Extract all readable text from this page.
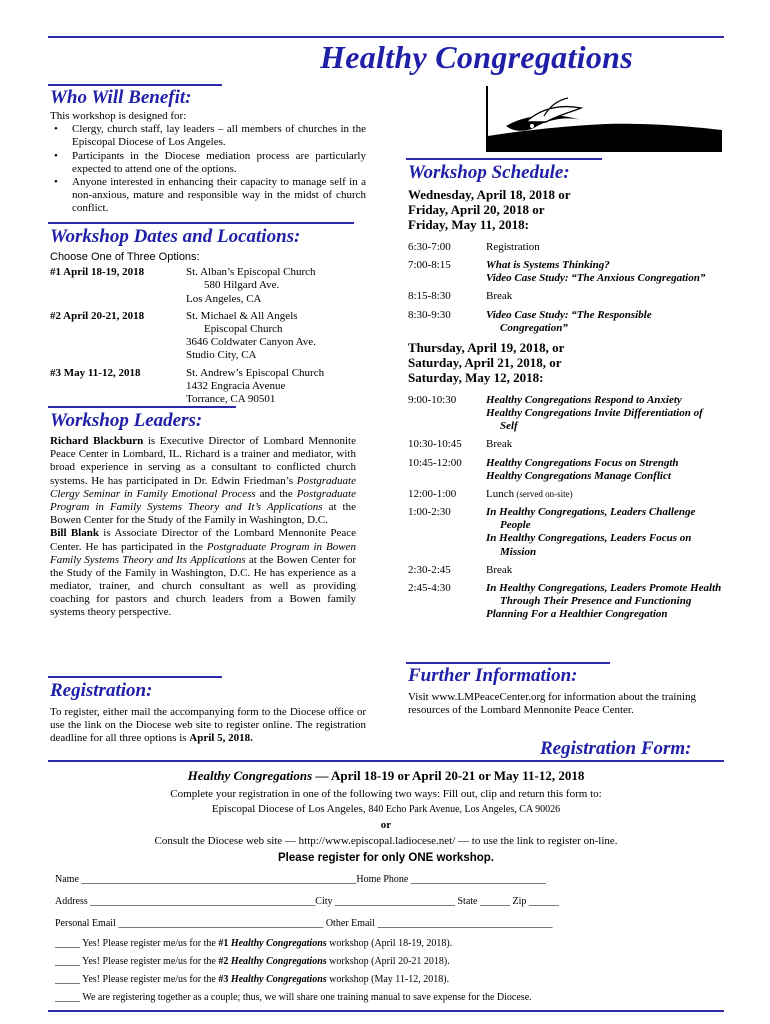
Healthy Congregations
Who Will Benefit:
This workshop is designed for:
• Clergy, church staff, lay leaders – all members of churches in the Episcopal Diocese of Los Angeles.
• Participants in the Diocese mediation process are particularly expected to attend one of the options.
• Anyone interested in enhancing their capacity to manage self in a non-anxious, mature and responsible way in the midst of church conflict.
Workshop Dates and Locations:
Choose One of Three Options:
#1 April 18-19, 2018	St. Alban’s Episcopal Church
580 Hilgard Ave.
Los Angeles, CA
#2 April 20-21, 2018	St. Michael & All Angels
Episcopal Church
3646 Coldwater Canyon Ave.
Studio City, CA
#3 May 11-12, 2018	St. Andrew’s Episcopal Church
1432 Engracia Avenue
Torrance, CA 90501
Workshop Leaders:

Richard Blackburn is Executive Director of Lombard Mennonite Peace Center in Lombard, IL. Richard is a trainer and mediator, with broad experience in serving as a consultant to conflicted church systems. He has participated in Dr. Edwin Friedman’s Postgraduate Clergy Seminar in Family Emotional Process and the Postgraduate Program in Family Systems Theory and It’s Applications at the Bowen Center for the Study of the Family in Washington, D.C.

Bill Blank is Associate Director of the Lombard Mennonite Peace Center. He has participated in the Postgraduate Program in Bowen Family Systems Theory and Its Applications at the Bowen Center for the Study of the Family in Washington, D.C. He has experience as a mediator, trainer, and church consultant as well as providing coaching for pastors and church leaders from a Bowen family systems theory perspective.

Registration:
To register, either mail the accompanying form to the Diocese office or use the link on the Diocese web site to register online. The registration deadline for all three options is April 5, 2018.
Workshop Schedule:
Wednesday, April 18, 2018 or
Friday, April 20, 2018 or
Friday, May 11, 2018:
6:30-7:00	Registration
7:00-8:15	What is Systems Thinking?
Video Case Study: “The Anxious Congregation”
8:15-8:30	Break
8:30-9:30	Video Case Study: “The Responsible Congregation”
Thursday, April 19, 2018, or
Saturday, April 21, 2018, or
Saturday, May 12, 2018:
9:00-10:30	Healthy Congregations Respond to Anxiety
Healthy Congregations Invite Differentiation of Self
10:30-10:45	Break
10:45-12:00	Healthy Congregations Focus on Strength
Healthy Congregations Manage Conflict
12:00-1:00	Lunch (served on-site)
1:00-2:30	In Healthy Congregations, Leaders Challenge People
In Healthy Congregations, Leaders Focus on Mission
2:30-2:45	Break
2:45-4:30	In Healthy Congregations, Leaders Promote Health Through Their Presence and Functioning
Planning For a Healthier Congregation
Further Information:
Visit www.LMPeaceCenter.org for information about the training resources of the Lombard Mennonite Peace Center.
Registration Form:
Healthy Congregations — April 18-19 or April 20-21 or May 11-12, 2018
Complete your registration in one of the following two ways: Fill out, clip and return this form to:
Episcopal Diocese of Los Angeles, 840 Echo Park Avenue, Los Angeles, CA 90026
or
Consult the Diocese web site — http://www.episcopal.ladiocese.net/ — to use the link to register on-line.
Please register for only ONE workshop.
Name _______________________________________________________Home Phone ___________________________
Address _____________________________________________City ________________________ State ______ Zip ______
Personal Email _________________________________________ Other Email ___________________________________
_____ Yes! Please register me/us for the #1 Healthy Congregations workshop (April 18-19, 2018).
_____ Yes! Please register me/us for the #2 Healthy Congregations workshop (April 20-21 2018).
_____ Yes! Please register me/us for the #3 Healthy Congregations workshop (May 11-12, 2018).
_____ We are registering together as a couple; thus, we will share one training manual to save expense for the Diocese.
